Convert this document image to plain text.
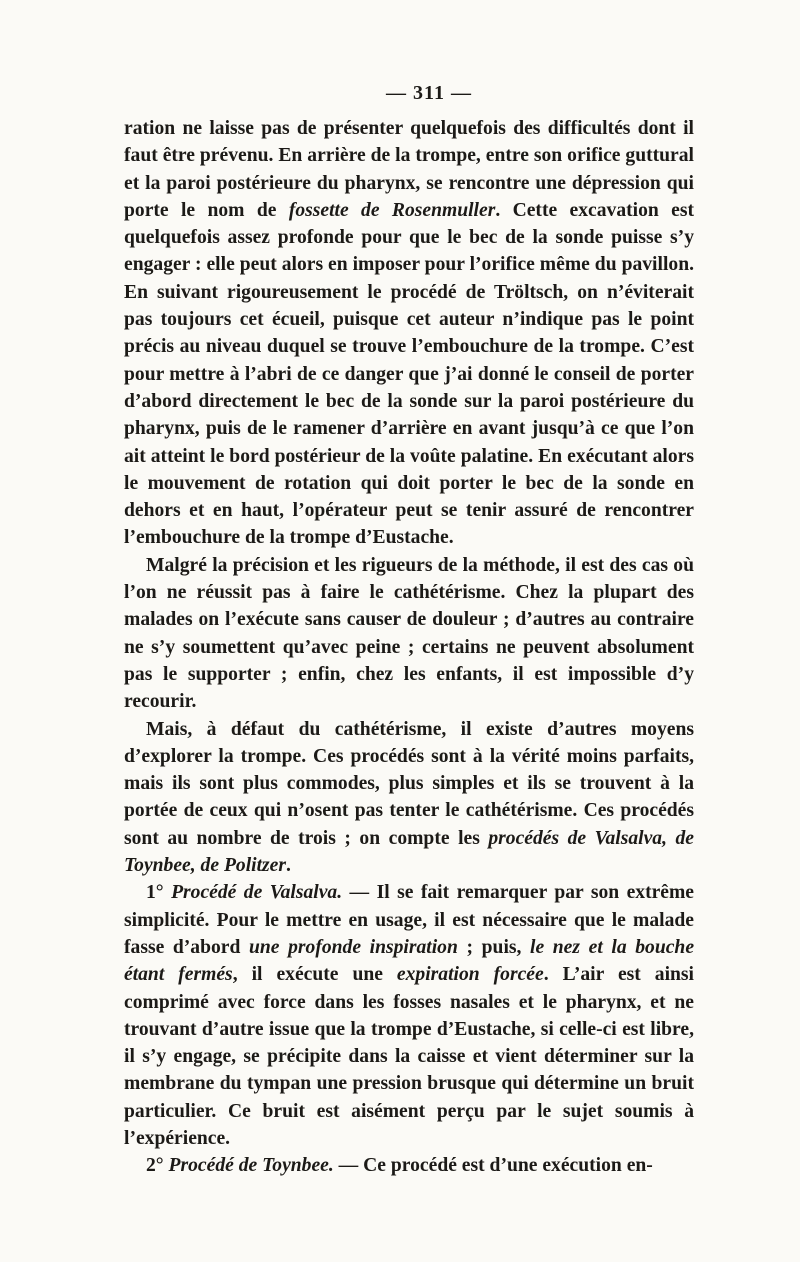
— 311 —

ration ne laisse pas de présenter quelquefois des difficultés dont il faut être prévenu. En arrière de la trompe, entre son orifice guttural et la paroi postérieure du pharynx, se rencontre une dépression qui porte le nom de fossette de Rosenmuller. Cette excavation est quelquefois assez profonde pour que le bec de la sonde puisse s’y engager : elle peut alors en imposer pour l’orifice même du pavillon. En suivant rigoureusement le procédé de Tröltsch, on n’éviterait pas toujours cet écueil, puisque cet auteur n’indique pas le point précis au niveau duquel se trouve l’embouchure de la trompe. C’est pour mettre à l’abri de ce danger que j’ai donné le conseil de porter d’abord directement le bec de la sonde sur la paroi postérieure du pharynx, puis de le ramener d’arrière en avant jusqu’à ce que l’on ait atteint le bord postérieur de la voûte palatine. En exécutant alors le mouvement de rotation qui doit porter le bec de la sonde en dehors et en haut, l’opérateur peut se tenir assuré de rencontrer l’embouchure de la trompe d’Eustache.

Malgré la précision et les rigueurs de la méthode, il est des cas où l’on ne réussit pas à faire le cathétérisme. Chez la plupart des malades on l’exécute sans causer de douleur ; d’autres au contraire ne s’y soumettent qu’avec peine ; certains ne peuvent absolument pas le supporter ; enfin, chez les enfants, il est impossible d’y recourir.

Mais, à défaut du cathétérisme, il existe d’autres moyens d’explorer la trompe. Ces procédés sont à la vérité moins parfaits, mais ils sont plus commodes, plus simples et ils se trouvent à la portée de ceux qui n’osent pas tenter le cathétérisme. Ces procédés sont au nombre de trois ; on compte les procédés de Valsalva, de Toynbee, de Politzer.

1° Procédé de Valsalva. — Il se fait remarquer par son extrême simplicité. Pour le mettre en usage, il est nécessaire que le malade fasse d’abord une profonde inspiration ; puis, le nez et la bouche étant fermés, il exécute une expiration forcée. L’air est ainsi comprimé avec force dans les fosses nasales et le pharynx, et ne trouvant d’autre issue que la trompe d’Eustache, si celle-ci est libre, il s’y engage, se précipite dans la caisse et vient déterminer sur la membrane du tympan une pression brusque qui détermine un bruit particulier. Ce bruit est aisément perçu par le sujet soumis à l’expérience.

2° Procédé de Toynbee. — Ce procédé est d’une exécution en-
